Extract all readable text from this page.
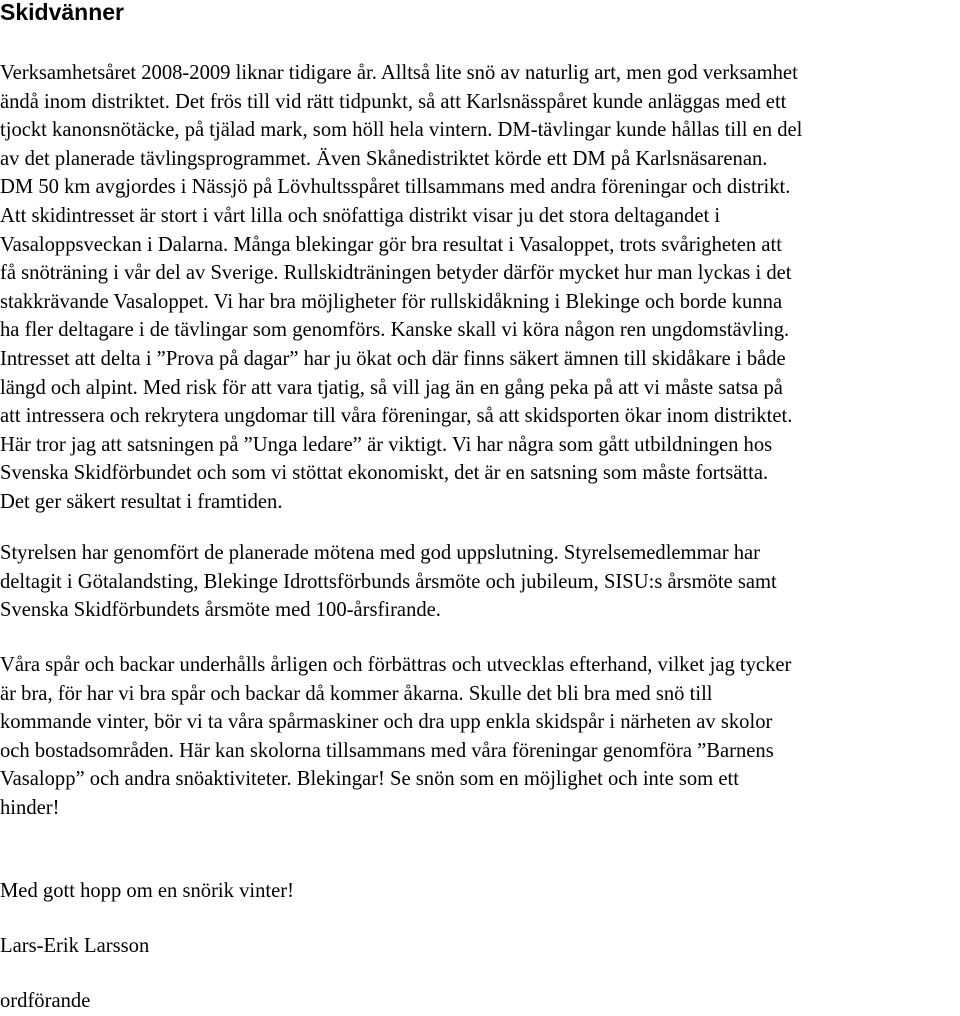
Skidvänner
Verksamhetsåret 2008-2009 liknar tidigare år. Alltså lite snö av naturlig art, men god verksamhet
ändå inom distriktet. Det frös till vid rätt tidpunkt, så att Karlsnässpåret kunde anläggas med ett
tjockt kanonsnötäcke, på tjälad mark, som höll hela vintern. DM-tävlingar kunde hållas till en del
av det planerade tävlingsprogrammet. Även Skånedistriktet körde ett DM på Karlsnäsarenan.
DM 50 km avgjordes i Nässjö på Lövhultsspåret tillsammans med andra föreningar och distrikt.
Att skidintresset är stort i vårt lilla och snöfattiga distrikt visar ju det stora deltagandet i
Vasaloppsveckan i Dalarna. Många blekingar gör bra resultat i Vasaloppet, trots svårigheten att
få snöträning i vår del av Sverige. Rullskidträningen betyder därför mycket hur man lyckas i det
stakkrävande Vasaloppet. Vi har bra möjligheter för rullskidåkning i Blekinge och borde kunna
ha fler deltagare i de tävlingar som genomförs. Kanske skall vi köra någon ren ungdomstävling.
Intresset att delta i ”Prova på dagar” har ju ökat och där finns säkert ämnen till skidåkare i både
längd och alpint. Med risk för att vara tjatig, så vill jag än en gång peka på att vi måste satsa på
att intressera och rekrytera ungdomar till våra föreningar, så att skidsporten ökar inom distriktet.
Här tror jag att satsningen på ”Unga ledare” är viktigt. Vi har några som gått utbildningen hos
Svenska Skidförbundet och som vi stöttat ekonomiskt, det är en satsning som måste fortsätta.
Det ger säkert resultat i framtiden.
Styrelsen har genomfört de planerade mötena med god uppslutning. Styrelsemedlemmar har
deltagit i Götalandsting, Blekinge Idrottsförbunds årsmöte och jubileum, SISU:s årsmöte samt
Svenska Skidförbundets årsmöte med 100-årsfirande.
Våra spår och backar underhålls årligen och förbättras och utvecklas efterhand, vilket jag tycker
är bra, för har vi bra spår och backar då kommer åkarna. Skulle det bli bra med snö till
kommande vinter, bör vi ta våra spårmaskiner och dra upp enkla skidspår i närheten av skolor
och bostadsområden. Här kan skolorna tillsammans med våra föreningar genomföra ”Barnens
Vasalopp” och andra snöaktiviteter. Blekingar! Se snön som en möjlighet och inte som ett
hinder!
Med gott hopp om en snörik vinter!
Lars-Erik Larsson
ordförande
